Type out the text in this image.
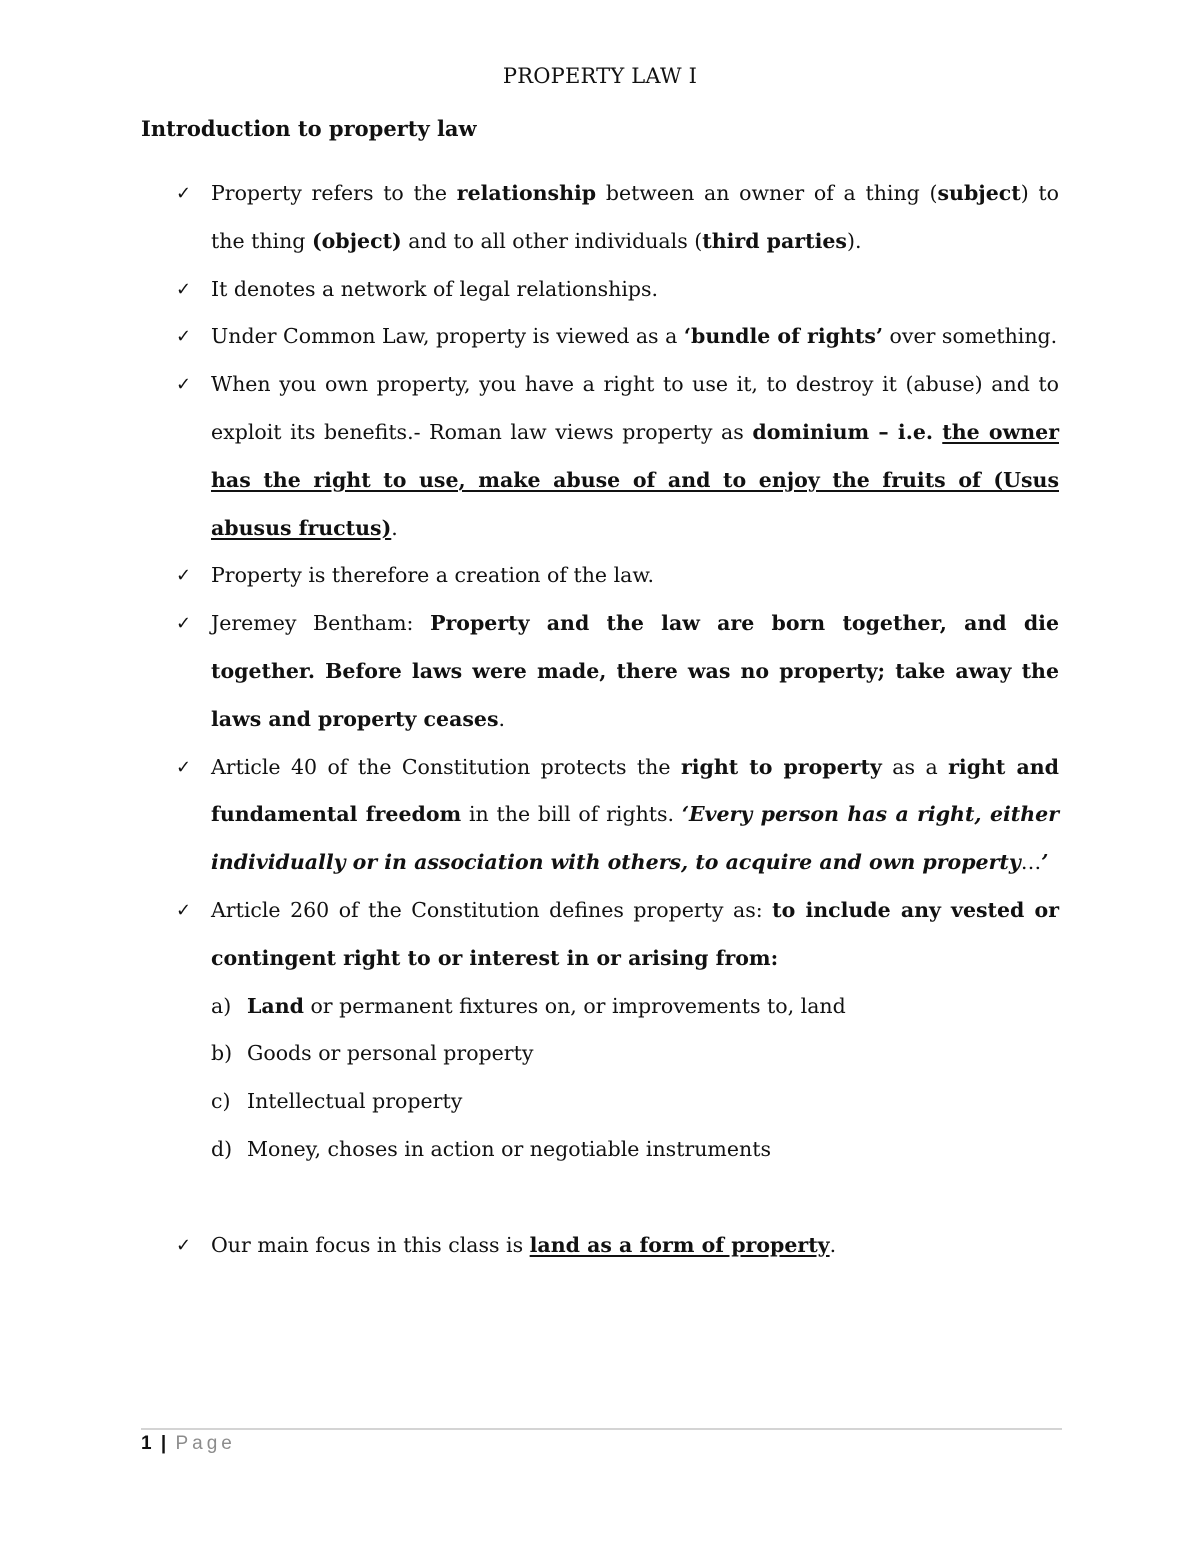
PROPERTY LAW I
Introduction to property law
✓ Property refers to the relationship between an owner of a thing (subject) to the thing (object) and to all other individuals (third parties).
✓ It denotes a network of legal relationships.
✓ Under Common Law, property is viewed as a ‘bundle of rights’ over something.
✓ When you own property, you have a right to use it, to destroy it (abuse) and to exploit its benefits.- Roman law views property as dominium – i.e. the owner has the right to use, make abuse of and to enjoy the fruits of (Usus abusus fructus).
✓ Property is therefore a creation of the law.
✓ Jeremey Bentham: Property and the law are born together, and die together. Before laws were made, there was no property; take away the laws and property ceases.
✓ Article 40 of the Constitution protects the right to property as a right and fundamental freedom in the bill of rights. ‘Every person has a right, either individually or in association with others, to acquire and own property…’
✓ Article 260 of the Constitution defines property as: to include any vested or contingent right to or interest in or arising from:
a) Land or permanent fixtures on, or improvements to, land
b) Goods or personal property
c) Intellectual property
d) Money, choses in action or negotiable instruments
✓ Our main focus in this class is land as a form of property.
1 | Page
